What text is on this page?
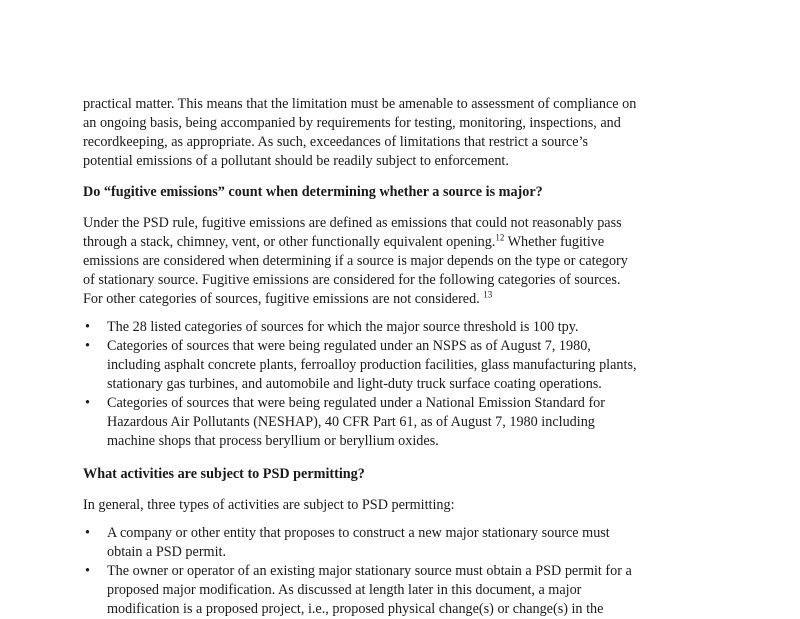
practical matter. This means that the limitation must be amenable to assessment of compliance on
an ongoing basis, being accompanied by requirements for testing, monitoring, inspections, and
recordkeeping, as appropriate. As such, exceedances of limitations that restrict a source’s
potential emissions of a pollutant should be readily subject to enforcement.

Do “fugitive emissions” count when determining whether a source is major?

Under the PSD rule, fugitive emissions are defined as emissions that could not reasonably pass
through a stack, chimney, vent, or other functionally equivalent opening.$^{12}$ Whether fugitive
emissions are considered when determining if a source is major depends on the type or category
of stationary source. Fugitive emissions are considered for the following categories of sources.
For other categories of sources, fugitive emissions are not considered. $^{13}$

• The 28 listed categories of sources for which the major source threshold is 100 tpy.
• Categories of sources that were being regulated under an NSPS as of August 7, 1980,
including asphalt concrete plants, ferroalloy production facilities, glass manufacturing plants,
stationary gas turbines, and automobile and light-duty truck surface coating operations.
• Categories of sources that were being regulated under a National Emission Standard for
Hazardous Air Pollutants (NESHAP), 40 CFR Part 61, as of August 7, 1980 including
machine shops that process beryllium or beryllium oxides.

What activities are subject to PSD permitting?

In general, three types of activities are subject to PSD permitting:

• A company or other entity that proposes to construct a new major stationary source must
obtain a PSD permit.
• The owner or operator of an existing major stationary source must obtain a PSD permit for a
proposed major modification. As discussed at length later in this document, a major
modification is a proposed project, i.e., proposed physical change(s) or change(s) in the
